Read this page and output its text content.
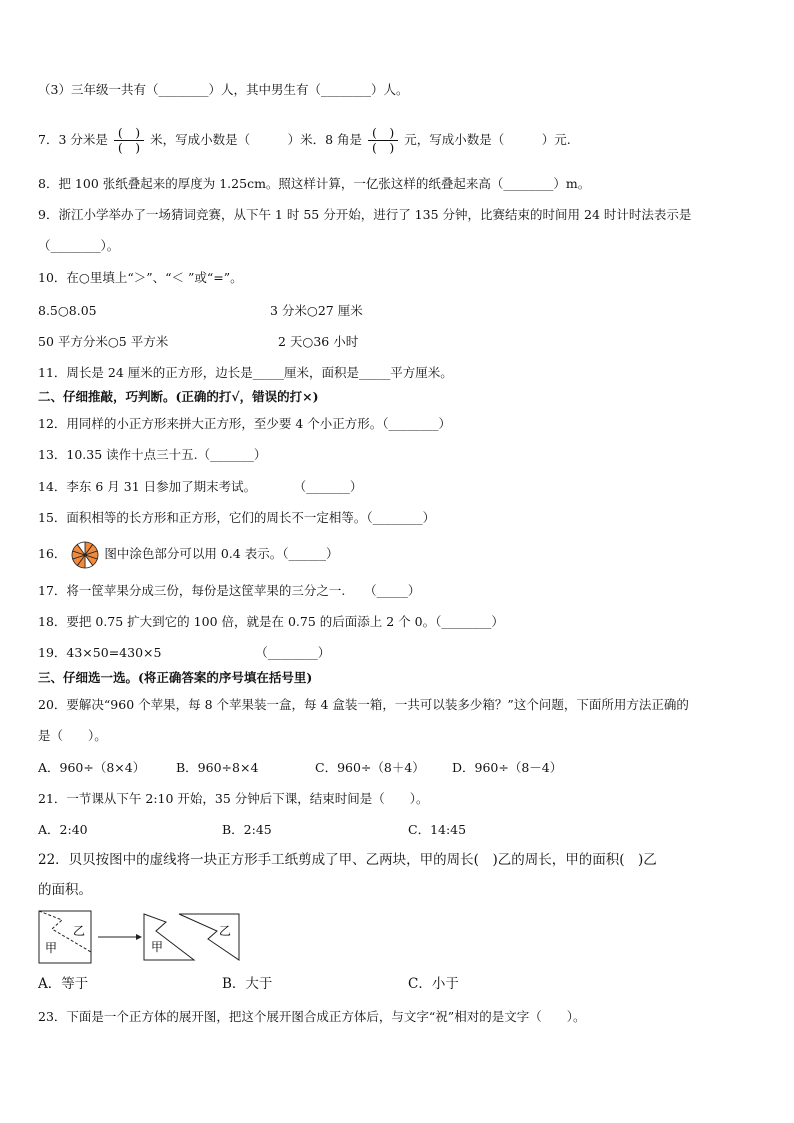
（3）三年级一共有（________）人，其中男生有（________）人。
7．3 分米是 $\frac{( )}{( )}$ 米，写成小数是（　　　）米．8 角是 $\frac{( )}{( )}$ 元，写成小数是（　　　）元.
8．把 100 张纸叠起来的厚度为 1.25cm。照这样计算，一亿张这样的纸叠起来高（________）m。
9．浙江小学举办了一场猜词竞赛，从下午 1 时 55 分开始，进行了 135 分钟，比赛结束的时间用 24 时计时法表示是
（________）。
10．在○里填上“＞”、“＜ ”或“=”。
8.5○8.05	3 分米○27 厘米
50 平方分米○5 平方米	2 天○36 小时
11．周长是 24 厘米的正方形，边长是_____厘米，面积是_____平方厘米。
二、仔细推敲，巧判断。(正确的打√，错误的打×)
12．用同样的小正方形来拼大正方形，至少要 4 个小正方形。（________）
13．10.35 读作十点三十五.（_______）
14．李东 6 月 31 日参加了期末考试。　　　　（_______）
15．面积相等的长方形和正方形，它们的周长不一定相等。（________）
16．	图中涂色部分可以用 0.4 表示。（______）
17．将一筐苹果分成三份，每份是这筐苹果的三分之一.　　（_____）
18．要把 0.75 扩大到它的 100 倍，就是在 0.75 的后面添上 2 个 0。（________）
19．43×50=430×5　　　　　　　　（________）
三、仔细选一选。(将正确答案的序号填在括号里)
20．要解决“960 个苹果，每 8 个苹果装一盒，每 4 盒装一箱，一共可以装多少箱？”这个问题，下面所用方法正确的
是（　　）。
A．960÷（8×4） B．960÷8×4	C．960÷（8＋4） D．960÷（8－4）
21．一节课从下午 2:10 开始，35 分钟后下课，结束时间是（　　）。
A．2:40	B．2:45	C．14:45
22．贝贝按图中的虚线将一块正方形手工纸剪成了甲、乙两块，甲的周长(　)乙的周长，甲的面积(　)乙
的面积。
甲
乙
甲
乙
A．等于	B．大于	C．小于
23．下面是一个正方体的展开图，把这个展开图合成正方体后，与文字“祝”相对的是文字（　　）。
